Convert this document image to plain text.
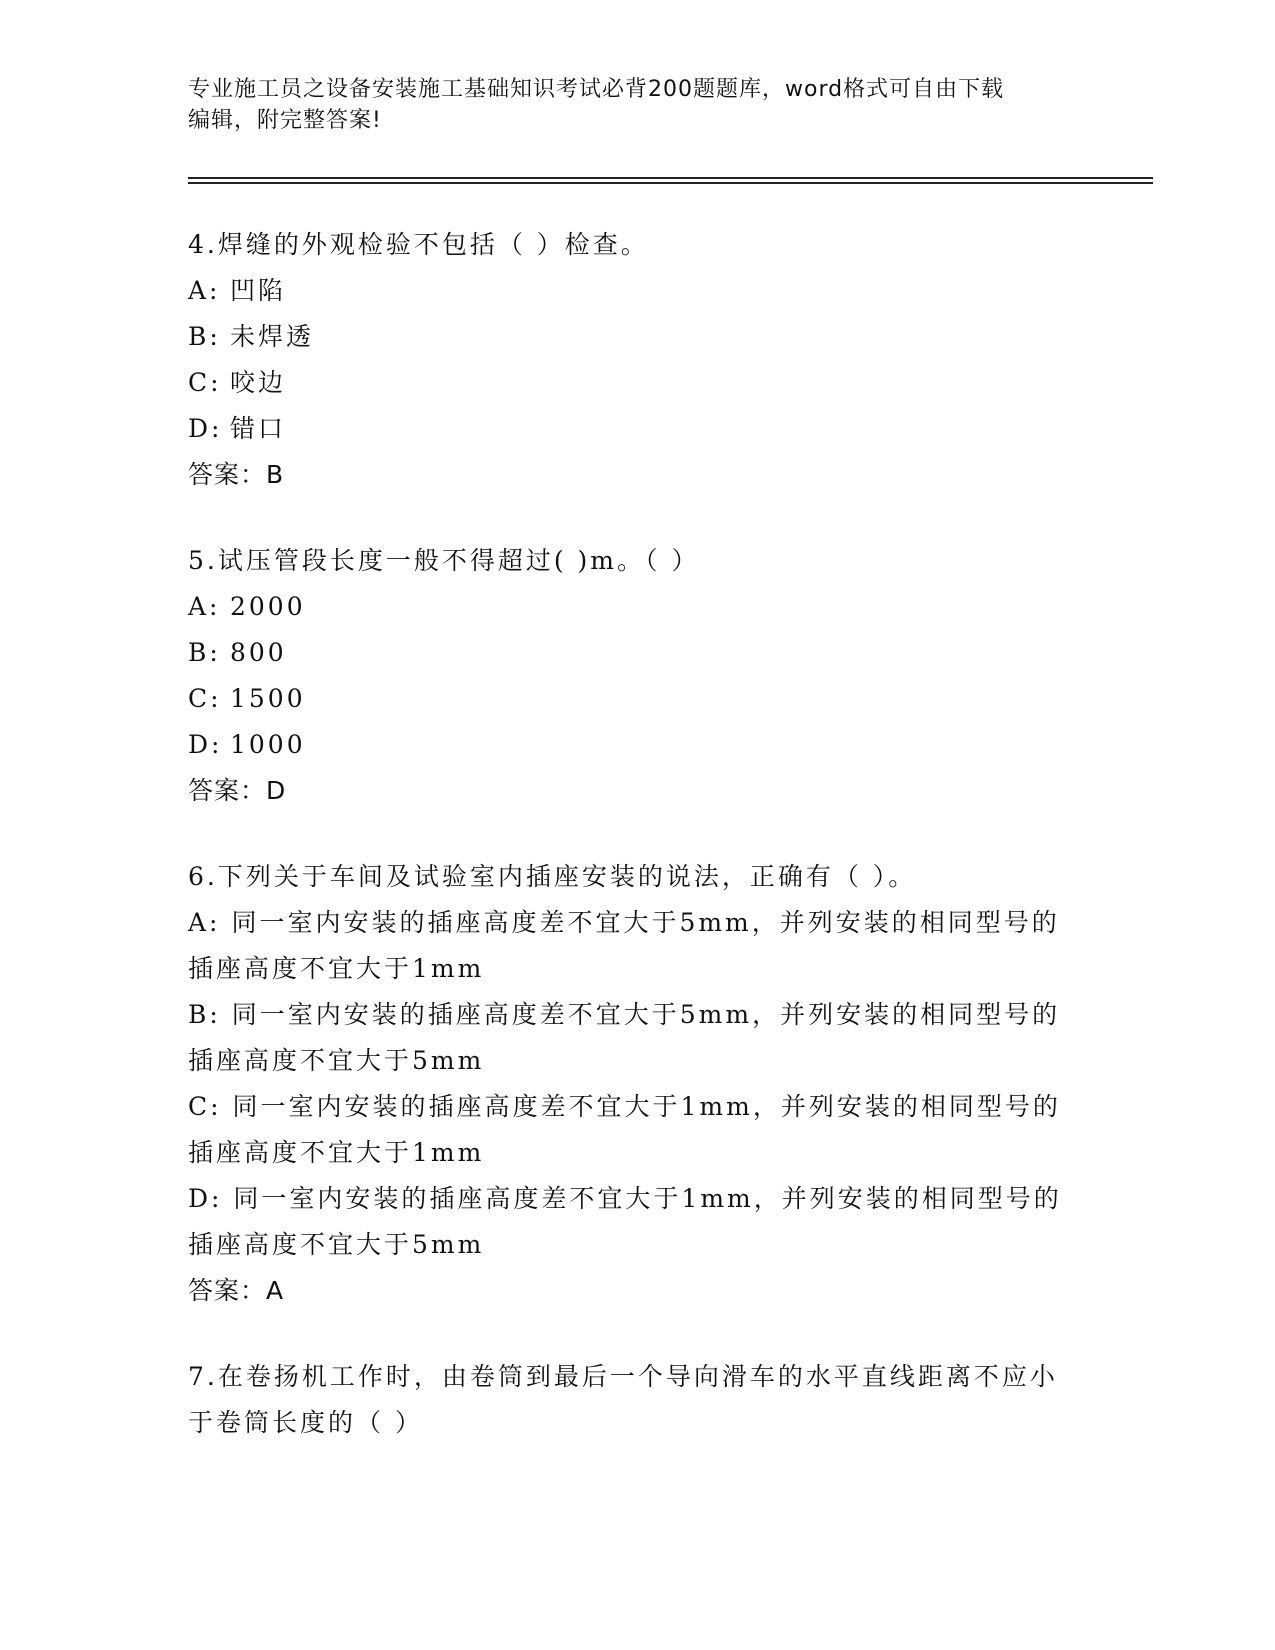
专业施工员之设备安装施工基础知识考试必背200题题库，word格式可自由下载
编辑，附完整答案!
4.焊缝的外观检验不包括（ ）检查。
A: 凹陷
B: 未焊透
C: 咬边
D: 错口
答案：B
5.试压管段长度一般不得超过( )m。（ ）
A: 2000
B: 800
C: 1500
D: 1000
答案：D
6.下列关于车间及试验室内插座安装的说法，正确有（ ）。
A: 同一室内安装的插座高度差不宜大于5mm，并列安装的相同型号的插座高度不宜大于1mm
B: 同一室内安装的插座高度差不宜大于5mm，并列安装的相同型号的插座高度不宜大于5mm
C: 同一室内安装的插座高度差不宜大于1mm，并列安装的相同型号的插座高度不宜大于1mm
D: 同一室内安装的插座高度差不宜大于1mm，并列安装的相同型号的插座高度不宜大于5mm
答案：A
7.在卷扬机工作时，由卷筒到最后一个导向滑车的水平直线距离不应小于卷筒长度的（ ）
